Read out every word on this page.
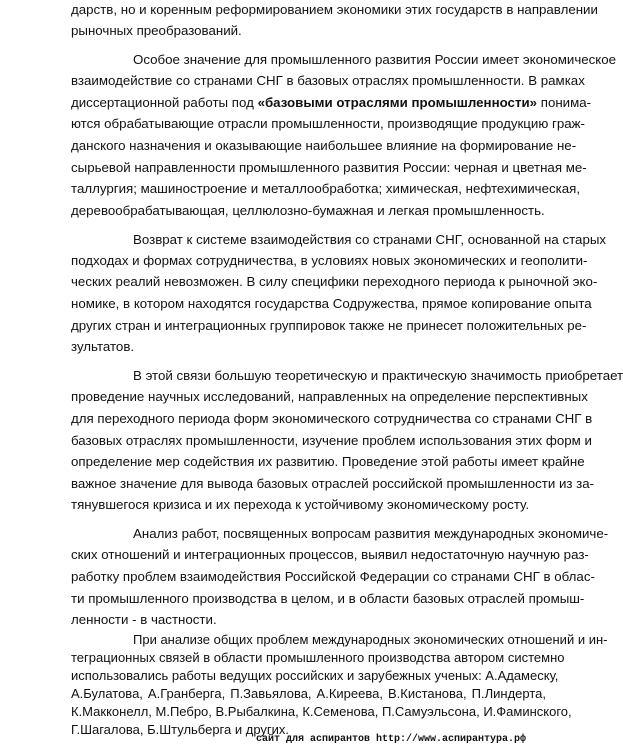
дарств, но и коренным реформированием экономики этих государств в направлении
рыночных преобразований.
Особое значение для промышленного развития России имеет экономическое
взаимодействие со странами СНГ в базовых отраслях промышленности. В рамках
диссертационной работы под «базовыми отраслями промышленности» понима-
ются обрабатывающие отрасли промышленности, производящие продукцию граж-
данского назначения и оказывающие наибольшее влияние на формирование не-
сырьевой направленности промышленного развития России: черная и цветная ме-
таллургия; машиностроение и металлообработка; химическая, нефтехимическая,
деревообрабатывающая, целлюлозно-бумажная и легкая промышленность.
Возврат к системе взаимодействия со странами СНГ, основанной на старых
подходах и формах сотрудничества, в условиях новых экономических и геополити-
ческих реалий невозможен. В силу специфики переходного периода к рыночной эко-
номике, в котором находятся государства Содружества, прямое копирование опыта
других стран и интеграционных группировок также не принесет положительных ре-
зультатов.
В этой связи большую теоретическую и практическую значимость приобретает
проведение научных исследований, направленных на определение перспективных
для переходного периода форм экономического сотрудничества со странами СНГ в
базовых отраслях промышленности, изучение проблем использования этих форм и
определение мер содействия их развитию. Проведение этой работы имеет крайне
важное значение для вывода базовых отраслей российской промышленности из за-
тянувшегося кризиса и их перехода к устойчивому экономическому росту.
Анализ работ, посвященных вопросам развития международных экономиче-
ских отношений и интеграционных процессов, выявил недостаточную научную раз-
работку проблем взаимодействия Российской Федерации со странами СНГ в облас-
ти промышленного производства в целом, и в области базовых отраслей промыш-
ленности - в частности.
При анализе общих проблем международных экономических отношений и ин-
теграционных связей в области промышленного производства автором системно
использовались работы ведущих российских и зарубежных ученых: А.Адамеску,
А.Булатова, А.Гранберга, П.Завьялова, А.Киреева, В.Кистанова, П.Линдерта,
К.Макконелл, М.Пебро, В.Рыбалкина, К.Семенова, П.Самуэльсона, И.Фаминского,
Г.Шагалова, Б.Штульберга и других.
сайт для аспирантов http://www.аспирантура.рф
